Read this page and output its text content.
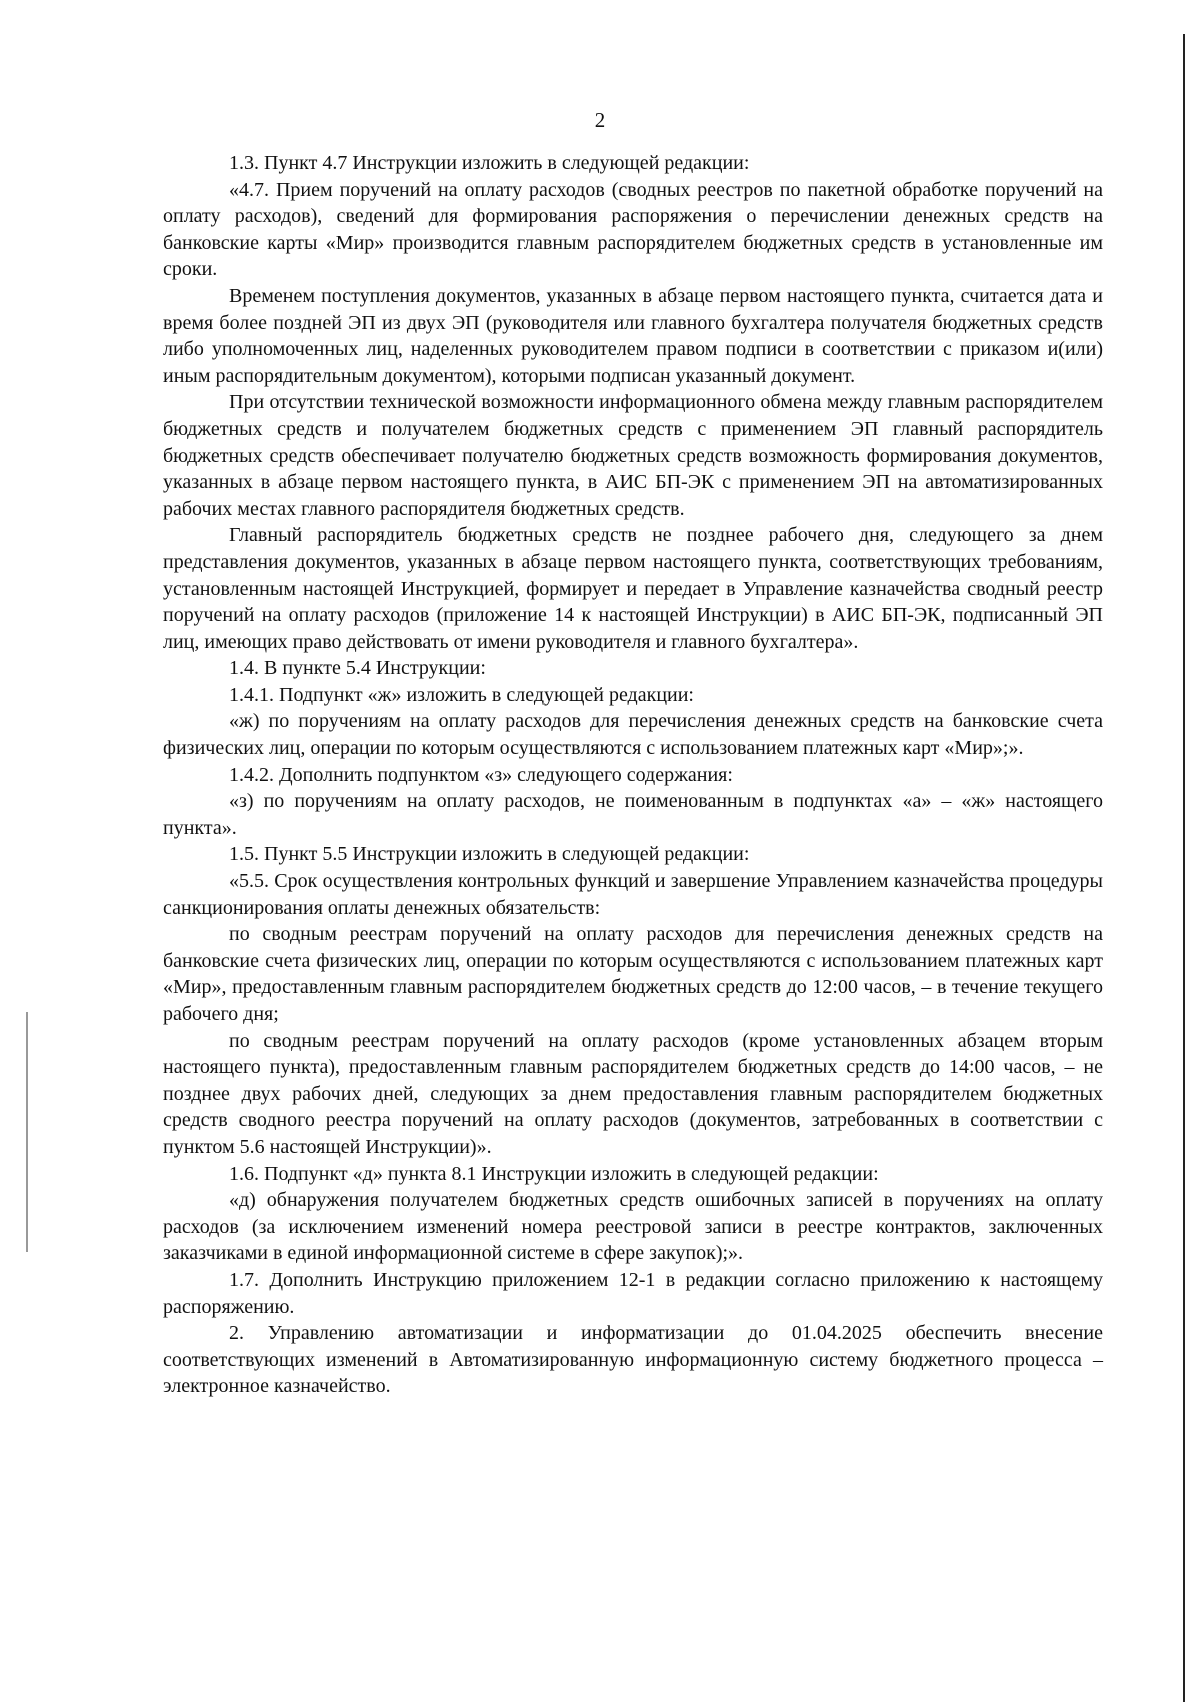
2

1.3. Пункт 4.7 Инструкции изложить в следующей редакции:

«4.7. Прием поручений на оплату расходов (сводных реестров по пакетной обработке поручений на оплату расходов), сведений для формирования распоряжения о перечислении денежных средств на банковские карты «Мир» производится главным распорядителем бюджетных средств в установленные им сроки.

Временем поступления документов, указанных в абзаце первом настоящего пункта, считается дата и время более поздней ЭП из двух ЭП (руководителя или главного бухгалтера получателя бюджетных средств либо уполномоченных лиц, наделенных руководителем правом подписи в соответствии с приказом и(или) иным распорядительным документом), которыми подписан указанный документ.

При отсутствии технической возможности информационного обмена между главным распорядителем бюджетных средств и получателем бюджетных средств с применением ЭП главный распорядитель бюджетных средств обеспечивает получателю бюджетных средств возможность формирования документов, указанных в абзаце первом настоящего пункта, в АИС БП-ЭК с применением ЭП на автоматизированных рабочих местах главного распорядителя бюджетных средств.

Главный распорядитель бюджетных средств не позднее рабочего дня, следующего за днем представления документов, указанных в абзаце первом настоящего пункта, соответствующих требованиям, установленным настоящей Инструкцией, формирует и передает в Управление казначейства сводный реестр поручений на оплату расходов (приложение 14 к настоящей Инструкции) в АИС БП-ЭК, подписанный ЭП лиц, имеющих право действовать от имени руководителя и главного бухгалтера».

1.4. В пункте 5.4 Инструкции:

1.4.1. Подпункт «ж» изложить в следующей редакции:

«ж) по поручениям на оплату расходов для перечисления денежных средств на банковские счета физических лиц, операции по которым осуществляются с использованием платежных карт «Мир»;».

1.4.2. Дополнить подпунктом «з» следующего содержания:

«з) по поручениям на оплату расходов, не поименованным в подпунктах «а» – «ж» настоящего пункта».

1.5. Пункт 5.5 Инструкции изложить в следующей редакции:

«5.5. Срок осуществления контрольных функций и завершение Управлением казначейства процедуры санкционирования оплаты денежных обязательств:

по сводным реестрам поручений на оплату расходов для перечисления денежных средств на банковские счета физических лиц, операции по которым осуществляются с использованием платежных карт «Мир», предоставленным главным распорядителем бюджетных средств до 12:00 часов, – в течение текущего рабочего дня;

по сводным реестрам поручений на оплату расходов (кроме установленных абзацем вторым настоящего пункта), предоставленным главным распорядителем бюджетных средств до 14:00 часов, – не позднее двух рабочих дней, следующих за днем предоставления главным распорядителем бюджетных средств сводного реестра поручений на оплату расходов (документов, затребованных в соответствии с пунктом 5.6 настоящей Инструкции)».

1.6. Подпункт «д» пункта 8.1 Инструкции изложить в следующей редакции:

«д) обнаружения получателем бюджетных средств ошибочных записей в поручениях на оплату расходов (за исключением изменений номера реестровой записи в реестре контрактов, заключенных заказчиками в единой информационной системе в сфере закупок);».

1.7. Дополнить Инструкцию приложением 12-1 в редакции согласно приложению к настоящему распоряжению.

2. Управлению автоматизации и информатизации до 01.04.2025 обеспечить внесение соответствующих изменений в Автоматизированную информационную систему бюджетного процесса – электронное казначейство.
